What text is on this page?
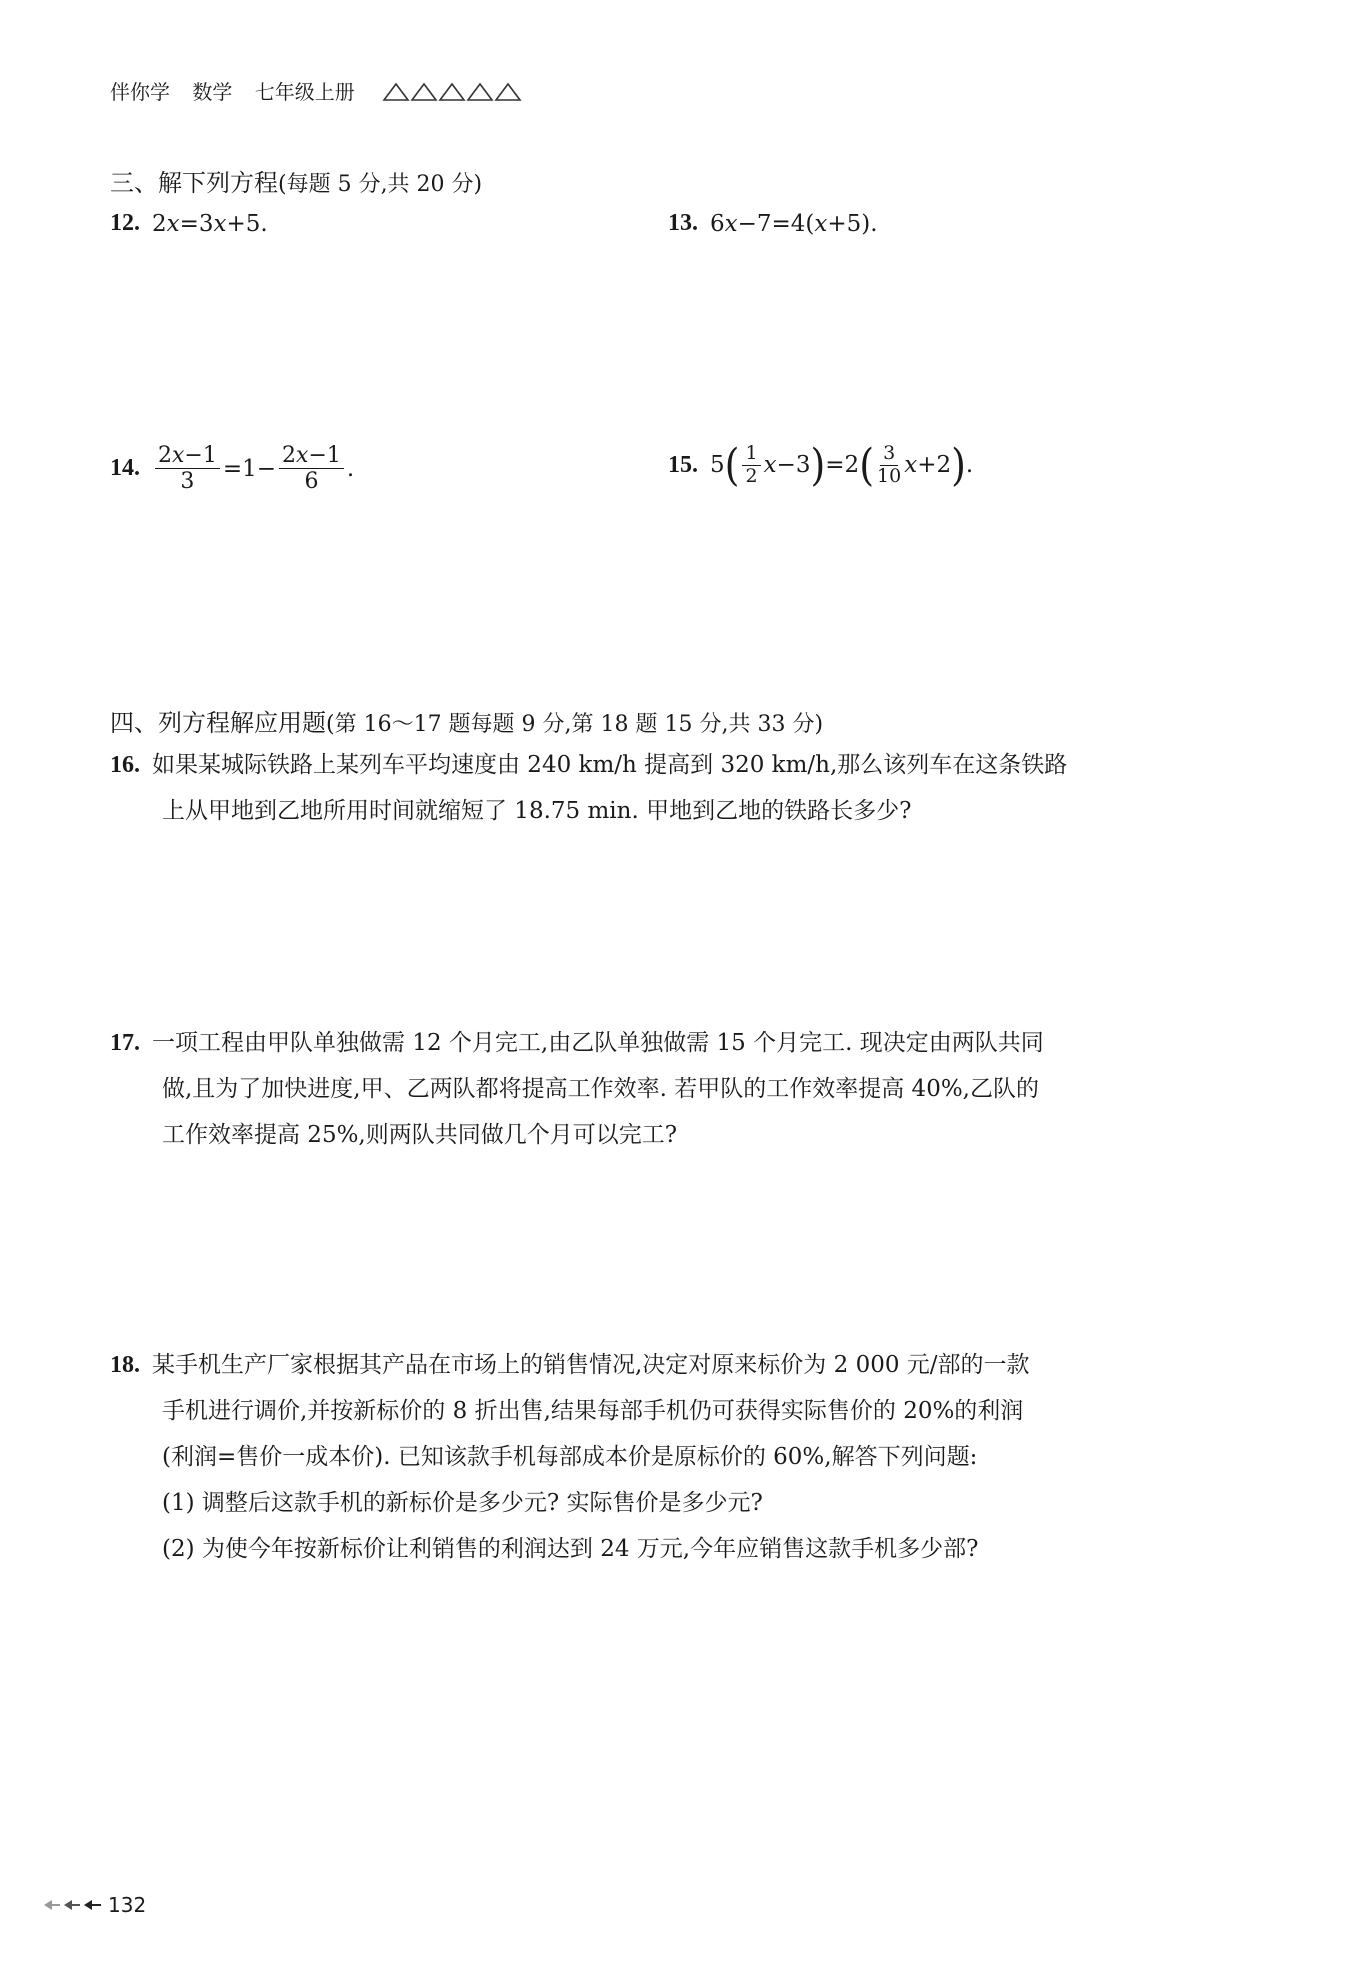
伴你学 数学 七年级上册
三、解下列方程(每题 5 分,共 20 分)
12. 2x=3x+5.	13. 6x−7=4(x+5).
14. $\frac{2x-1}{3} =1- \frac{2x-1}{6}$ .	15. 5 ( $\frac{1}{2} x-3$ ) =2 ( $\frac{3}{10} x+2$ ) .
四、列方程解应用题(第 16～17 题每题 9 分,第 18 题 15 分,共 33 分)
16. 如果某城际铁路上某列车平均速度由 240 km/h 提高到 320 km/h,那么该列车在这条铁路
上从甲地到乙地所用时间就缩短了 18.75 min. 甲地到乙地的铁路长多少?
17. 一项工程由甲队单独做需 12 个月完工,由乙队单独做需 15 个月完工. 现决定由两队共同
做,且为了加快进度,甲、乙两队都将提高工作效率. 若甲队的工作效率提高 40%,乙队的
工作效率提高 25%,则两队共同做几个月可以完工?
18. 某手机生产厂家根据其产品在市场上的销售情况,决定对原来标价为 2 000 元/部的一款
手机进行调价,并按新标价的 8 折出售,结果每部手机仍可获得实际售价的 20%的利润
(利润=售价一成本价). 已知该款手机每部成本价是原标价的 60%,解答下列问题:
(1) 调整后这款手机的新标价是多少元? 实际售价是多少元?
(2) 为使今年按新标价让利销售的利润达到 24 万元,今年应销售这款手机多少部?
132
